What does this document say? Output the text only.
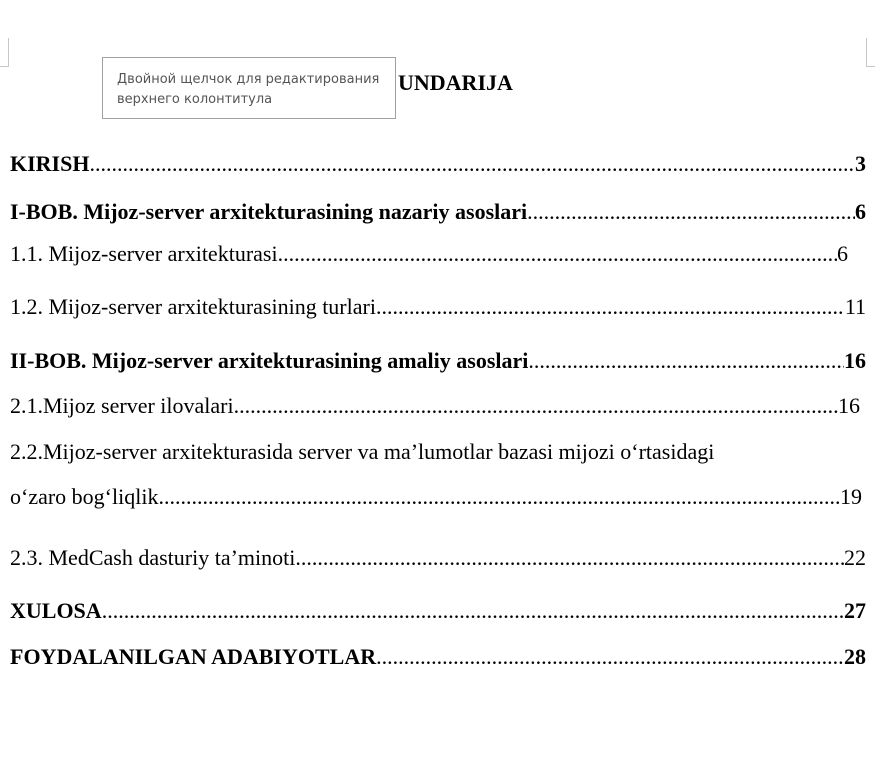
UNDARIJA
Двойной щелчок для редактирования
верхнего колонтитула
KIRISH .....	3
I-BOB. Mijoz-server arxitekturasining nazariy asoslari .....	6
1.1. Mijoz-server arxitekturasi .....	6
1.2. Mijoz-server arxitekturasining turlari .....	11
II-BOB. Mijoz-server arxitekturasining amaliy asoslari .....	16
2.1.Mijoz server ilovalari .....	16
2.2.Mijoz-server arxitekturasida server va ma’lumotlar bazasi mijozi o‘rtasidagi
o‘zaro bog‘liqlik .....	19
2.3. MedCash dasturiy ta’minoti .....	22
XULOSA .....	27
FOYDALANILGAN ADABIYOTLAR .....	28
